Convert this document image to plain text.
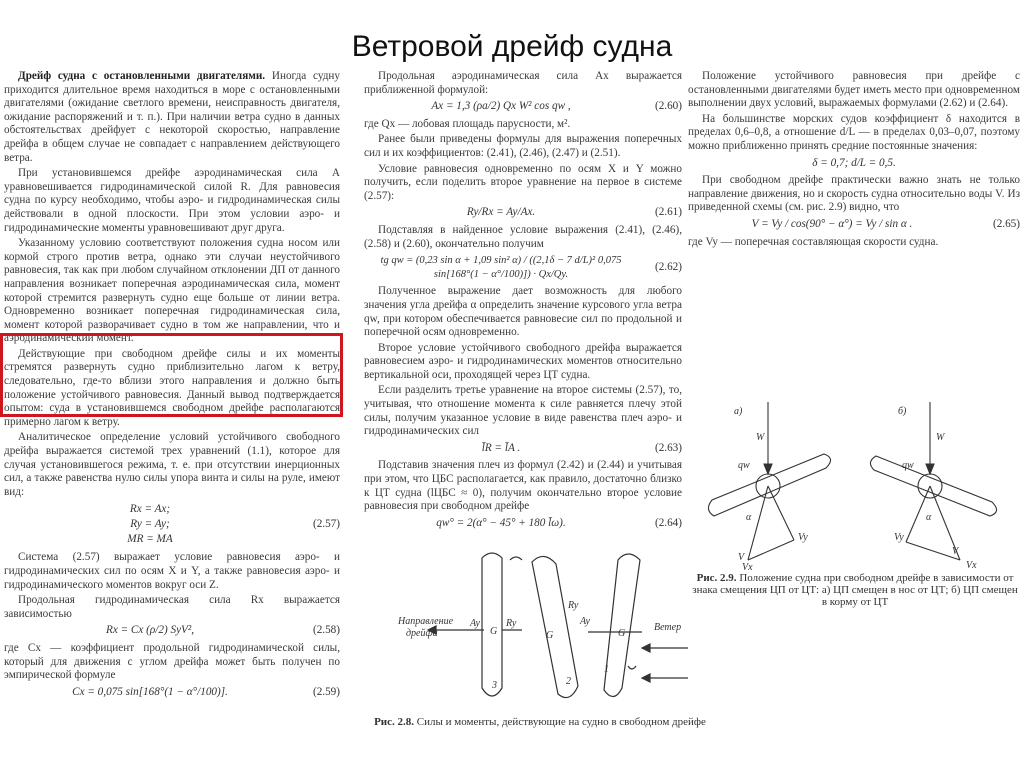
Ветровой дрейф судна

Дрейф судна с остановленными двигателями. Иногда судну приходится длительное время находиться в море с остановленными двигателями (ожидание светлого времени, неисправность двигателя, ожидание распоряжений и т. п.). При наличии ветра судно в данных обстоятельствах дрейфует с некоторой скоростью, направление дрейфа в общем случае не совпадает с направлением действующего ветра.

При установившемся дрейфе аэродинамическая сила A уравновешивается гидродинамической силой R. Для равновесия судна по курсу необходимо, чтобы аэро- и гидродинамическая силы действовали в одной плоскости. При этом условии аэро- и гидродинамические моменты уравновешивают друг друга.

Указанному условию соответствуют положения судна носом или кормой строго против ветра, однако эти случаи неустойчивого равновесия, так как при любом случайном отклонении ДП от данного направления возникает поперечная аэродинамическая сила, момент которой стремится развернуть судно еще больше от линии ветра. Одновременно возникает поперечная гидродинамическая сила, момент которой разворачивает судно в том же направлении, что и аэродинамический момент.

Действующие при свободном дрейфе силы и их моменты стремятся развернуть судно приблизительно лагом к ветру, следовательно, где-то вблизи этого направления и должно быть положение устойчивого равновесия. Данный вывод подтверждается опытом: суда в установившемся свободном дрейфе располагаются примерно лагом к ветру.

Аналитическое определение условий устойчивого свободного дрейфа выражается системой трех уравнений (1.1), которое для случая установившегося режима, т. е. при отсутствии инерционных сил, а также равенства нулю силы упора винта и силы на руле, имеют вид:

Rx = Ax;
Ry = Ay;
MR = MA
(2.57)

Система (2.57) выражает условие равновесия аэро- и гидродинамических сил по осям X и Y, а также равновесия аэро- и гидродинамического моментов вокруг оси Z.

Продольная гидродинамическая сила Rx выражается зависимостью

Rx = Cx (ρ/2) SyV²,	(2.58)

где Cx — коэффициент продольной гидродинамической силы, который для движения с углом дрейфа может быть получен по эмпирической формуле

Cx = 0,075 sin[168°(1 − α°/100)].	(2.59)

Продольная аэродинамическая сила Ax выражается приближенной формулой:

Ax = 1,3 (ρa/2) Qx W² cos qw ,	(2.60)

где Qx — лобовая площадь парусности, м².

Ранее были приведены формулы для выражения поперечных сил и их коэффициентов: (2.41), (2.46), (2.47) и (2.51).

Условие равновесия одновременно по осям X и Y можно получить, если поделить второе уравнение на первое в системе (2.57):

Ry/Rx = Ay/Ax.	(2.61)

Подставляя в найденное условие выражения (2.41), (2.46), (2.58) и (2.60), окончательно получим

tg qw = (0,23 sin α + 1,09 sin² α) / ((2,1δ − 7 d/L)² 0,075 sin[168°(1 − α°/100)]) · Qx/Qy.
(2.62)

Полученное выражение дает возможность для любого значения угла дрейфа α определить значение курсового угла ветра qw, при котором обеспечивается равновесие сил по продольной и поперечной осям одновременно.

Второе условие устойчивого свободного дрейфа выражается равновесием аэро- и гидродинамических моментов относительно вертикальной оси, проходящей через ЦТ судна.

Если разделить третье уравнение на второе системы (2.57), то, учитывая, что отношение момента к силе равняется плечу этой силы, получим указанное условие в виде равенства плеч аэро- и гидродинамических сил

l̄R = l̄A .	(2.63)

Подставив значения плеч из формул (2.42) и (2.44) и учитывая при этом, что ЦБС располагается, как правило, достаточно близко к ЦТ судна (lЦБС ≈ 0), получим окончательно второе условие равновесия при свободном дрейфе

qw° = 2(α° − 45° + 180 l̄ω).	(2.64)

Положение устойчивого равновесия при дрейфе с остановленными двигателями будет иметь место при одновременном выполнении двух условий, выражаемых формулами (2.62) и (2.64).

На большинстве морских судов коэффициент δ находится в пределах 0,6–0,8, а отношение d/L — в пределах 0,03–0,07, поэтому можно приближенно принять средние постоянные значения:

δ = 0,7; d/L = 0,5.

При свободном дрейфе практически важно знать не только направление движения, но и скорость судна относительно воды V. Из приведенной схемы (см. рис. 2.9) видно, что

V = Vy / cos(90° − α°) = Vy / sin α .	(2.65)

где Vy — поперечная составляющая скорости судна.

Направление
дрейфа
Ветер
Ay	Ry
G	G	G
Ry
Ay
1
2
3
Рис. 2.8. Силы и моменты, действующие на судно в свободном дрейфе
а)	б)
W	W
qw	qw
α	α
V
V
Vy	Vy
Vx	Vx
Рис. 2.9. Положение судна при свободном дрейфе в зависимости от знака смещения ЦП от ЦТ: а) ЦП смещен в нос от ЦТ; б) ЦП смещен в корму от ЦТ
